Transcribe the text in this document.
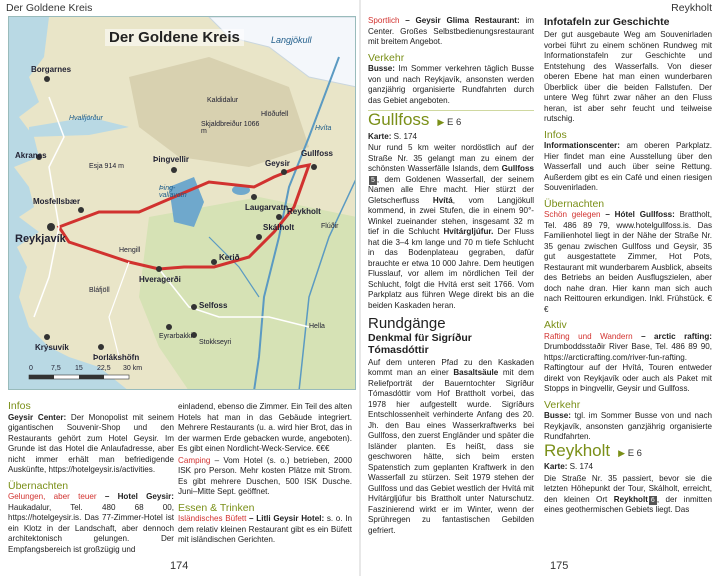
Der Goldene Kreis	Reykholt
Der Goldene Kreis
Borgarnes
Akranes
Reykjavík
Mosfellsbær
Þingvellir
Þing-vallavatn
Laugarvatn
Geysir
Gullfoss
Reykholt
Skálholt
Kerið
Hveragerði
Selfoss
Eyrarbakki
Stokkseyri
Þorlákshöfn
Krýsuvík
Hella
Langjökull
Hvíta
Flúðir
Esja 914 m
Hengill
Bláfjöll
Kaldidalur
Hlöðufell
Skjaldbreiður 1066 m
Hvalfjörður
0	7,5 15 22,5 30 km
Infos

Geysir Center: Der Monopolist mit seinem gigantischen Souvenir-Shop und den Restaurants gehört zum Hotel Geysir. Im Grunde ist das Hotel die Anlaufadresse, aber nicht immer erhält man befriedigende Auskünfte, https://hotelgeysir.is/activities.

Übernachten

Gelungen, aber teuer – Hotel Geysir: Haukadalur, Tel. 480 68 00, https://hotelgeysir.is. Das 77-Zimmer-Hotel ist ein Klotz in der Landschaft, aber dennoch architektonisch gelungen. Der Empfangsbereich ist großzügig und

einladend, ebenso die Zimmer. Ein Teil des alten Hotels hat man in das Gebäude integriert. Mehrere Restaurants (u. a. wird hier Brot, das in der warmen Erde gebacken wurde, angeboten). Es gibt einen Nordlicht-Weck-Service. €€€

Camping – Vom Hotel (s. o.) betrieben, 2000 ISK pro Person. Mehr kosten Plätze mit Strom. Es gibt mehrere Duschen, 500 ISK Dusche. Juni–Mitte Sept. geöffnet.

Essen & Trinken

Isländisches Büfett – Litli Geysir Hotel: s. o. In dem relativ kleinen Restaurant gibt es ein Büfett mit isländischen Gerichten.

174

Sportlich – Geysir Glima Restaurant: im Center. Großes Selbstbedienungsrestaurant mit breitem Angebot.

Verkehr

Busse: Im Sommer verkehren täglich Busse von und nach Reykjavík, ansonsten werden ganzjährig organisierte Rundfahrten durch das Gebiet angeboten.

Gullfoss ▶ E 6

Karte: S. 174

Nur rund 5 km weiter nordöstlich auf der Straße Nr. 35 gelangt man zu einem der schönsten Wasserfälle Islands, dem Gullfoss5 , dem Goldenen Wasserfall, der seinem Namen alle Ehre macht. Hier stürzt der Gletscherfluss Hvítá, vom Langjökull kommend, in zwei Stufen, die in einem 90°-Winkel zueinander stehen, insgesamt 32 m tief in die Schlucht Hvítárgljúfur. Der Fluss hat die 3–4 km lange und 70 m tiefe Schlucht in das Bodenplateau gegraben, dafür brauchte er etwa 10 000 Jahre. Dem heutigen Flusslauf, vor allem im nördlichen Teil der Schlucht, folgt die Hvítá erst seit 1766. Vom Parkplatz aus führen Wege direkt bis an die beiden Kaskaden heran.

Rundgänge
Denkmal für Sigríður Tómasdóttir

Auf dem unteren Pfad zu den Kaskaden kommt man an einer Basaltsäule mit dem Reliefporträt der Bauerntochter Sigríður Tómasdóttir vom Hof Brattholt vorbei, das 1978 hier aufgestellt wurde. Sigríðurs Entschlossenheit verhinderte Anfang des 20. Jh. den Bau eines Wasserkraftwerks bei Gullfoss, den zuerst Engländer und später die Isländer planten. Es heißt, dass sie geschworen hätte, sich beim ersten Spatenstich zum geplanten Kraftwerk in den Wasserfall zu stürzen. Seit 1979 stehen der Gullfoss und das Gebiet westlich der Hvítá mit Hvítárgljúfur bis Brattholt unter Naturschutz. Faszinierend wirkt er im Winter, wenn der Sprühregen zu fantastischen Gebilden gefriert.

Infotafeln zur Geschichte

Der gut ausgebaute Weg am Souvenirladen vorbei führt zu einem schönen Rundweg mit Informationstafeln zur Geschichte und Entstehung des Wasserfalls. Von dieser oberen Ebene hat man einen wunderbaren Überblick über die beiden Fallstufen. Der untere Weg führt zwar näher an den Fluss heran, ist aber sehr feucht und teilweise rutschig.

Infos

Informationscenter: am oberen Parkplatz. Hier findet man eine Ausstellung über den Wasserfall und auch über seine Rettung. Außerdem gibt es ein Café und einen riesigen Souvenirladen.

Übernachten

Schön gelegen – Hótel Gullfoss: Brattholt, Tel. 486 89 79, www.hotelgullfoss.is. Das Familienhotel liegt in der Nähe der Straße Nr. 35 genau zwischen Gullfoss und Geysir, 35 gut ausgestattete Zimmer, Hot Pots, Restaurant mit wunderbarem Ausblick, abseits des Betriebs an beiden Ausflugszielen, aber doch nahe dran. Hier kann man sich auch nach Reittouren erkundigen. Inkl. Frühstück. €€

Aktiv

Rafting und Wandern – arctic rafting: Drumboddsstaðir River Base, Tel. 486 89 90, https://arcticrafting.com/river-fun-rafting. Raftingtour auf der Hvítá, Touren entweder direkt von Reykjavík oder auch als Paket mit Stopps in Þingvellir, Geysir und Gullfoss.

Verkehr

Busse: tgl. im Sommer Busse von und nach Reykjavík, ansonsten ganzjährig organisierte Rundfahrten.

Reykholt ▶ E 6

Karte: S. 174

Die Straße Nr. 35 passiert, bevor sie die letzten Höhepunkt der Tour, Skálholt, erreicht, den kleinen Ort Reykholt 6 , der inmitten eines geothermischen Gebiets liegt. Das

175
